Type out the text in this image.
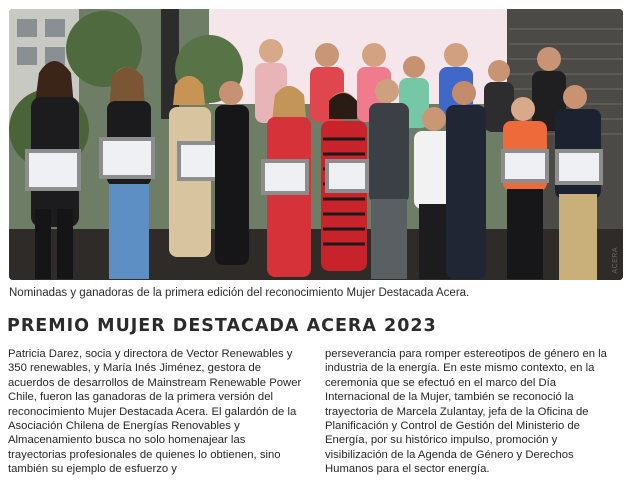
ACERA
Nominadas y ganadoras de la primera edición del reconocimiento Mujer Destacada Acera.
PREMIO MUJER DESTACADA ACERA 2023

Patricia Darez, socia y directora de Vector Renewables y 350 renewables, y María Inés Jiménez, gestora de acuerdos de desarrollos de Mainstream Renewable Power Chile, fueron las ganadoras de la primera versión del reconocimiento Mujer Destacada Acera. El galardón de la Asociación Chilena de Energías Renovables y Almacenamiento busca no solo homenajear las trayectorias profesionales de quienes lo obtienen, sino también su ejemplo de esfuerzo y

perseverancia para romper estereotipos de género en la industria de la energía. En este mismo contexto, en la ceremonia que se efectuó en el marco del Día Internacional de la Mujer, también se reconoció la trayectoria de Marcela Zulantay, jefa de la Oficina de Planificación y Control de Gestión del Ministerio de Energía, por su histórico impulso, promoción y visibilización de la Agenda de Género y Derechos Humanos para el sector energía.
